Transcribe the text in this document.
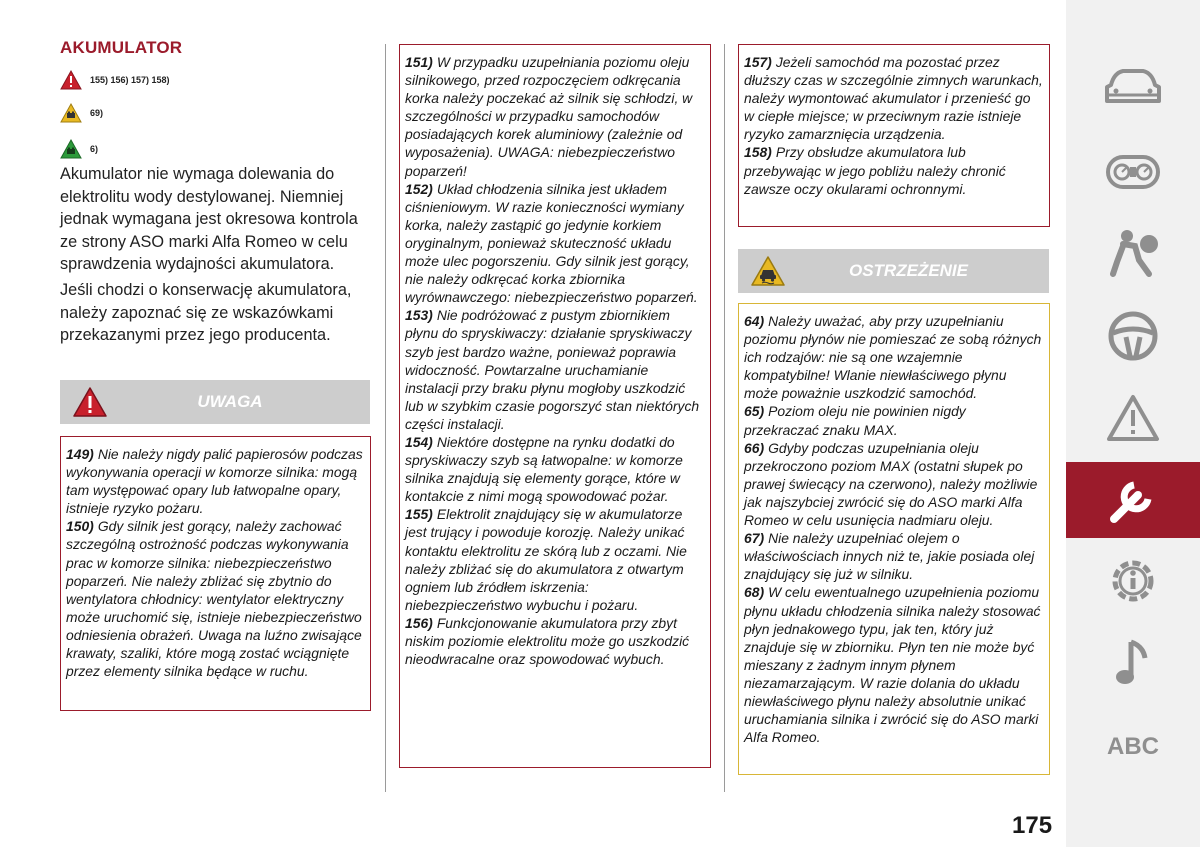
AKUMULATOR
155) 156) 157) 158)
69)
6)

Akumulator nie wymaga dolewania do elektrolitu wody destylowanej. Niemniej jednak wymagana jest okresowa kontrola ze strony ASO marki Alfa Romeo w celu sprawdzenia wydajności akumulatora.

Jeśli chodzi o konserwację akumulatora, należy zapoznać się ze wskazówkami przekazanymi przez jego producenta.

UWAGA

149) Nie należy nigdy palić papierosów podczas wykonywania operacji w komorze silnika: mogą tam występować opary lub łatwopalne opary, istnieje ryzyko pożaru.

150) Gdy silnik jest gorący, należy zachować szczególną ostrożność podczas wykonywania prac w komorze silnika: niebezpieczeństwo poparzeń. Nie należy zbliżać się zbytnio do wentylatora chłodnicy: wentylator elektryczny może uruchomić się, istnieje niebezpieczeństwo odniesienia obrażeń. Uwaga na luźno zwisające krawaty, szaliki, które mogą zostać wciągnięte przez elementy silnika będące w ruchu.

151) W przypadku uzupełniania poziomu oleju silnikowego, przed rozpoczęciem odkręcania korka należy poczekać aż silnik się schłodzi, w szczególności w przypadku samochodów posiadających korek aluminiowy (zależnie od wyposażenia). UWAGA: niebezpieczeństwo poparzeń!

152) Układ chłodzenia silnika jest układem ciśnieniowym. W razie konieczności wymiany korka, należy zastąpić go jedynie korkiem oryginalnym, ponieważ skuteczność układu może ulec pogorszeniu. Gdy silnik jest gorący, nie należy odkręcać korka zbiornika wyrównawczego: niebezpieczeństwo poparzeń.

153) Nie podróżować z pustym zbiornikiem płynu do spryskiwaczy: działanie spryskiwaczy szyb jest bardzo ważne, ponieważ poprawia widoczność. Powtarzalne uruchamianie instalacji przy braku płynu mogłoby uszkodzić lub w szybkim czasie pogorszyć stan niektórych części instalacji.

154) Niektóre dostępne na rynku dodatki do spryskiwaczy szyb są łatwopalne: w komorze silnika znajdują się elementy gorące, które w kontakcie z nimi mogą spowodować pożar.

155) Elektrolit znajdujący się w akumulatorze jest trujący i powoduje korozję. Należy unikać kontaktu elektrolitu ze skórą lub z oczami. Nie należy zbliżać się do akumulatora z otwartym ogniem lub źródłem iskrzenia: niebezpieczeństwo wybuchu i pożaru.

156) Funkcjonowanie akumulatora przy zbyt niskim poziomie elektrolitu może go uszkodzić nieodwracalne oraz spowodować wybuch.

157) Jeżeli samochód ma pozostać przez dłuższy czas w szczególnie zimnych warunkach, należy wymontować akumulator i przenieść go w ciepłe miejsce; w przeciwnym razie istnieje ryzyko zamarznięcia urządzenia.

158) Przy obsłudze akumulatora lub przebywając w jego pobliżu należy chronić zawsze oczy okularami ochronnymi.

OSTRZEŻENIE

64) Należy uważać, aby przy uzupełnianiu poziomu płynów nie pomieszać ze sobą różnych ich rodzajów: nie są one wzajemnie kompatybilne! Wlanie niewłaściwego płynu może poważnie uszkodzić samochód.

65) Poziom oleju nie powinien nigdy przekraczać znaku MAX.

66) Gdyby podczas uzupełniania oleju przekroczono poziom MAX (ostatni słupek po prawej świecący na czerwono), należy możliwie jak najszybciej zwrócić się do ASO marki Alfa Romeo w celu usunięcia nadmiaru oleju.

67) Nie należy uzupełniać olejem o właściwościach innych niż te, jakie posiada olej znajdujący się już w silniku.

68) W celu ewentualnego uzupełnienia poziomu płynu układu chłodzenia silnika należy stosować płyn jednakowego typu, jak ten, który już znajduje się w zbiorniku. Płyn ten nie może być mieszany z żadnym innym płynem niezamarzającym. W razie dolania do układu niewłaściwego płynu należy absolutnie unikać uruchamiania silnika i zwrócić się do ASO marki Alfa Romeo.

175

ABC
